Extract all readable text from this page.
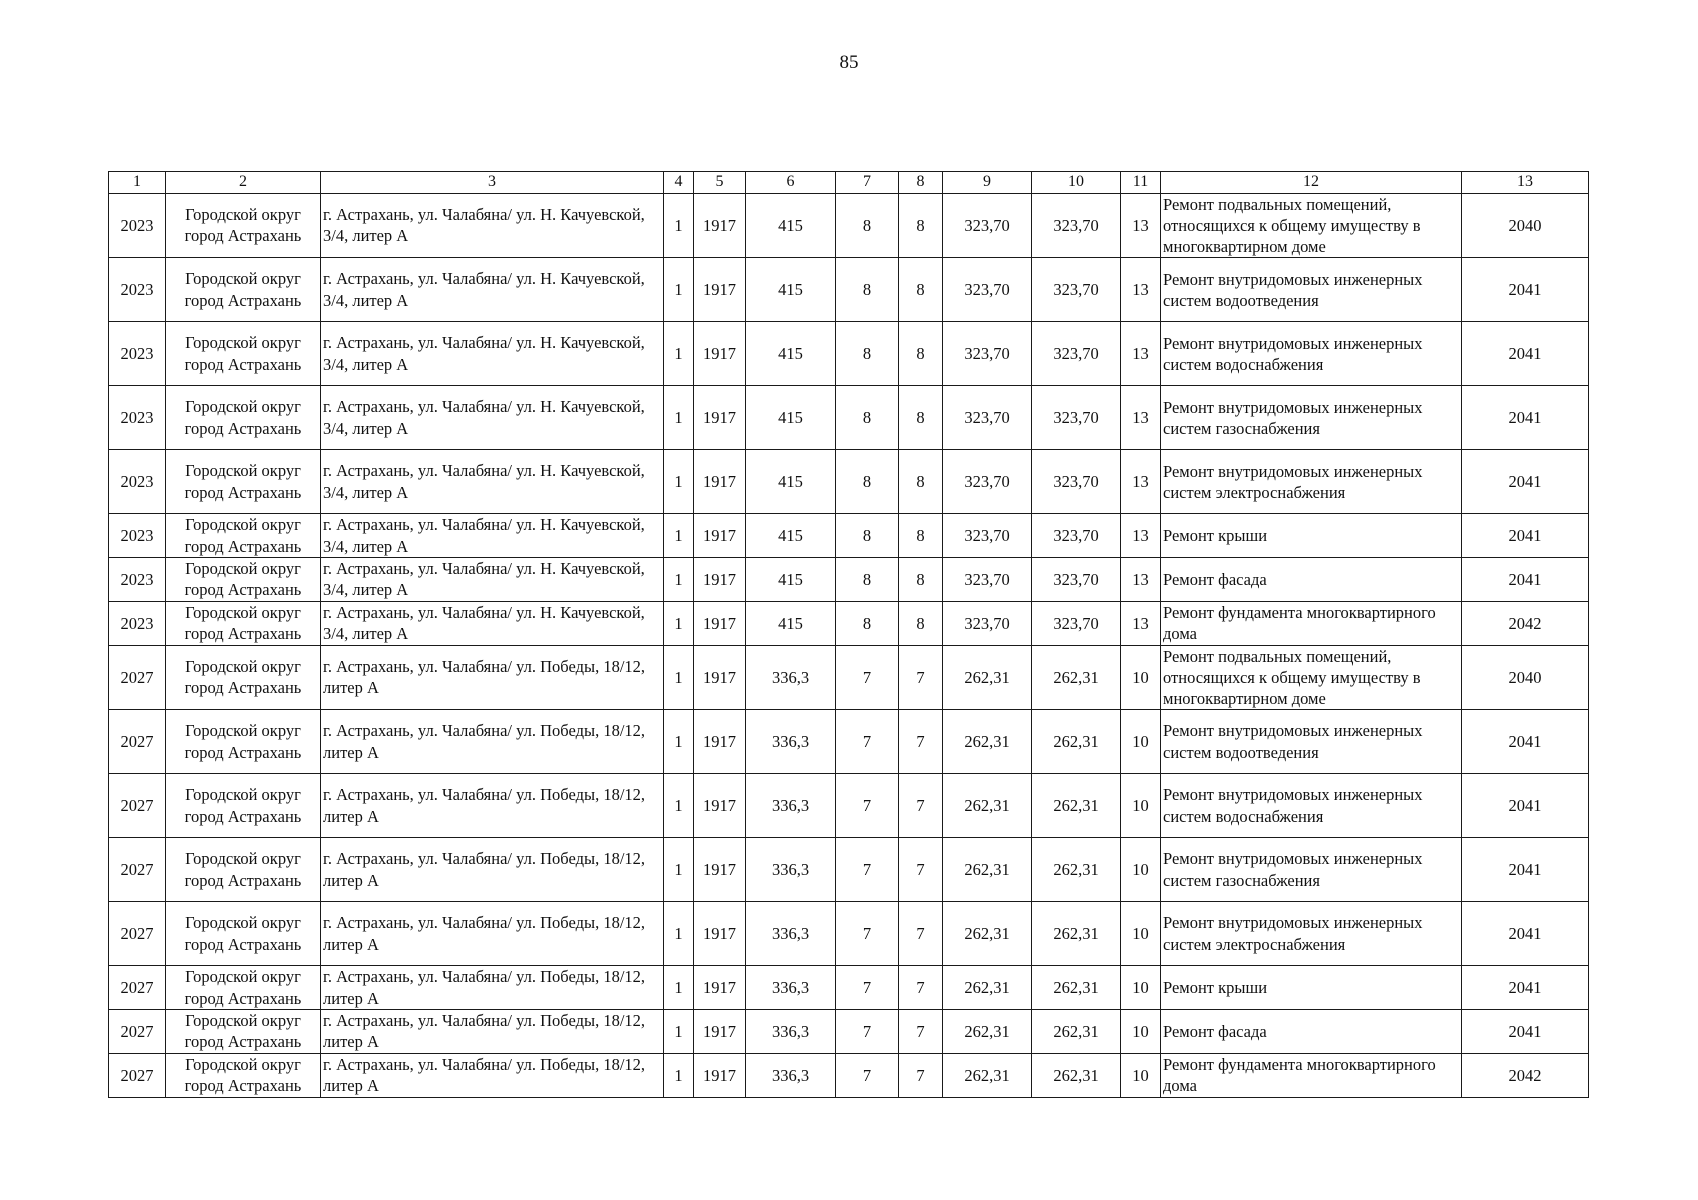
85
1	2	3	4	5	6	7	8	9	10	11	12	13
2023	Городской округ город Астрахань	г. Астрахань, ул. Чалабяна/ ул. Н. Качуевской, 3/4, литер А	1	1917	415	8	8	323,70	323,70	13	Ремонт подвальных помещений, относящихся к общему имуществу в многоквартирном доме	2040
2023	Городской округ город Астрахань	г. Астрахань, ул. Чалабяна/ ул. Н. Качуевской, 3/4, литер А	1	1917	415	8	8	323,70	323,70	13	Ремонт внутридомовых инженерных систем водоотведения	2041
2023	Городской округ город Астрахань	г. Астрахань, ул. Чалабяна/ ул. Н. Качуевской, 3/4, литер А	1	1917	415	8	8	323,70	323,70	13	Ремонт внутридомовых инженерных систем водоснабжения	2041
2023	Городской округ город Астрахань	г. Астрахань, ул. Чалабяна/ ул. Н. Качуевской, 3/4, литер А	1	1917	415	8	8	323,70	323,70	13	Ремонт внутридомовых инженерных систем газоснабжения	2041
2023	Городской округ город Астрахань	г. Астрахань, ул. Чалабяна/ ул. Н. Качуевской, 3/4, литер А	1	1917	415	8	8	323,70	323,70	13	Ремонт внутридомовых инженерных систем электроснабжения	2041
2023	Городской округ город Астрахань	г. Астрахань, ул. Чалабяна/ ул. Н. Качуевской, 3/4, литер А	1	1917	415	8	8	323,70	323,70	13	Ремонт крыши	2041
2023	Городской округ город Астрахань	г. Астрахань, ул. Чалабяна/ ул. Н. Качуевской, 3/4, литер А	1	1917	415	8	8	323,70	323,70	13	Ремонт фасада	2041
2023	Городской округ город Астрахань	г. Астрахань, ул. Чалабяна/ ул. Н. Качуевской, 3/4, литер А	1	1917	415	8	8	323,70	323,70	13	Ремонт фундамента многоквартирного дома	2042
2027	Городской округ город Астрахань	г. Астрахань, ул. Чалабяна/ ул. Победы, 18/12, литер А	1	1917	336,3	7	7	262,31	262,31	10	Ремонт подвальных помещений, относящихся к общему имуществу в многоквартирном доме	2040
2027	Городской округ город Астрахань	г. Астрахань, ул. Чалабяна/ ул. Победы, 18/12, литер А	1	1917	336,3	7	7	262,31	262,31	10	Ремонт внутридомовых инженерных систем водоотведения	2041
2027	Городской округ город Астрахань	г. Астрахань, ул. Чалабяна/ ул. Победы, 18/12, литер А	1	1917	336,3	7	7	262,31	262,31	10	Ремонт внутридомовых инженерных систем водоснабжения	2041
2027	Городской округ город Астрахань	г. Астрахань, ул. Чалабяна/ ул. Победы, 18/12, литер А	1	1917	336,3	7	7	262,31	262,31	10	Ремонт внутридомовых инженерных систем газоснабжения	2041
2027	Городской округ город Астрахань	г. Астрахань, ул. Чалабяна/ ул. Победы, 18/12, литер А	1	1917	336,3	7	7	262,31	262,31	10	Ремонт внутридомовых инженерных систем электроснабжения	2041
2027	Городской округ город Астрахань	г. Астрахань, ул. Чалабяна/ ул. Победы, 18/12, литер А	1	1917	336,3	7	7	262,31	262,31	10	Ремонт крыши	2041
2027	Городской округ город Астрахань	г. Астрахань, ул. Чалабяна/ ул. Победы, 18/12, литер А	1	1917	336,3	7	7	262,31	262,31	10	Ремонт фасада	2041
2027	Городской округ город Астрахань	г. Астрахань, ул. Чалабяна/ ул. Победы, 18/12, литер А	1	1917	336,3	7	7	262,31	262,31	10	Ремонт фундамента многоквартирного дома	2042
